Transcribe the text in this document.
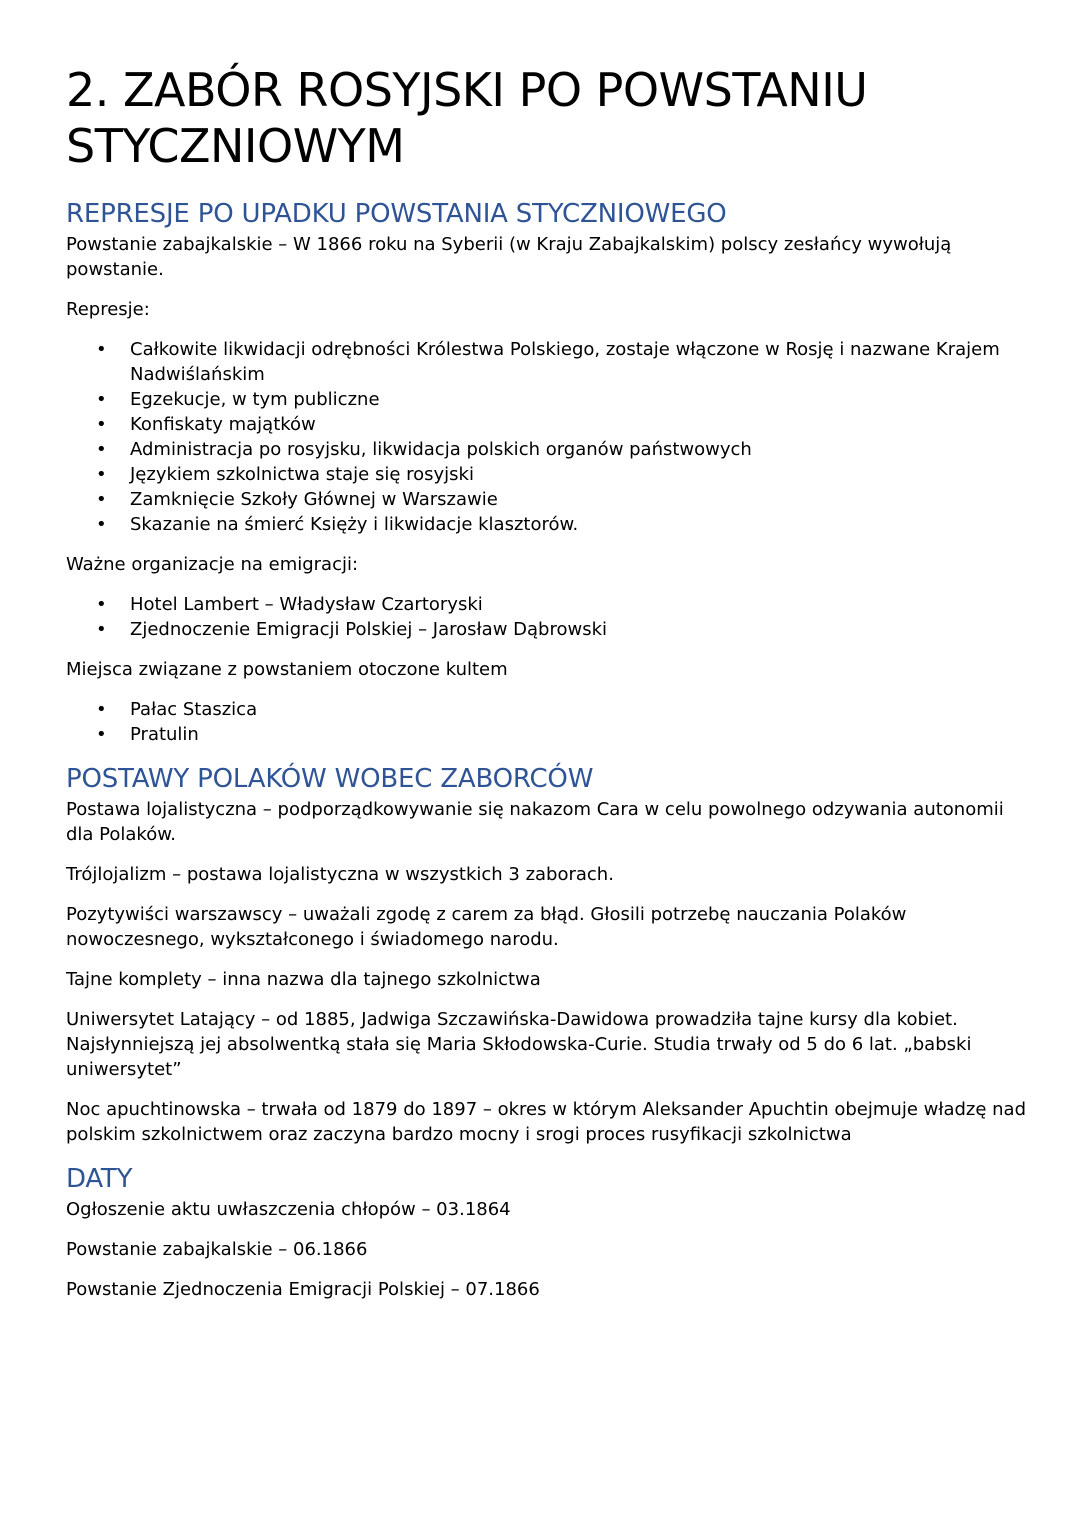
2. ZABÓR ROSYJSKI PO POWSTANIU STYCZNIOWYM
REPRESJE PO UPADKU POWSTANIA STYCZNIOWEGO

Powstanie zabajkalskie – W 1866 roku na Syberii (w Kraju Zabajkalskim) polscy zesłańcy wywołują powstanie.

Represje:

• Całkowite likwidacji odrębności Królestwa Polskiego, zostaje włączone w Rosję i nazwane Krajem Nadwiślańskim
• Egzekucje, w tym publiczne
• Konfiskaty majątków
• Administracja po rosyjsku, likwidacja polskich organów państwowych
• Językiem szkolnictwa staje się rosyjski
• Zamknięcie Szkoły Głównej w Warszawie
• Skazanie na śmierć Księży i likwidacje klasztorów.

Ważne organizacje na emigracji:

• Hotel Lambert – Władysław Czartoryski
• Zjednoczenie Emigracji Polskiej – Jarosław Dąbrowski

Miejsca związane z powstaniem otoczone kultem

• Pałac Staszica
• Pratulin
POSTAWY POLAKÓW WOBEC ZABORCÓW

Postawa lojalistyczna – podporządkowywanie się nakazom Cara w celu powolnego odzywania autonomii dla Polaków.

Trójlojalizm – postawa lojalistyczna w wszystkich 3 zaborach.

Pozytywiści warszawscy – uważali zgodę z carem za błąd. Głosili potrzebę nauczania Polaków nowoczesnego, wykształconego i świadomego narodu.

Tajne komplety – inna nazwa dla tajnego szkolnictwa

Uniwersytet Latający – od 1885, Jadwiga Szczawińska-Dawidowa prowadziła tajne kursy dla kobiet. Najsłynniejszą jej absolwentką stała się Maria Skłodowska-Curie. Studia trwały od 5 do 6 lat. „babski uniwersytet”

Noc apuchtinowska – trwała od 1879 do 1897 – okres w którym Aleksander Apuchtin obejmuje władzę nad polskim szkolnictwem oraz zaczyna bardzo mocny i srogi proces rusyfikacji szkolnictwa

DATY

Ogłoszenie aktu uwłaszczenia chłopów – 03.1864

Powstanie zabajkalskie – 06.1866

Powstanie Zjednoczenia Emigracji Polskiej – 07.1866
